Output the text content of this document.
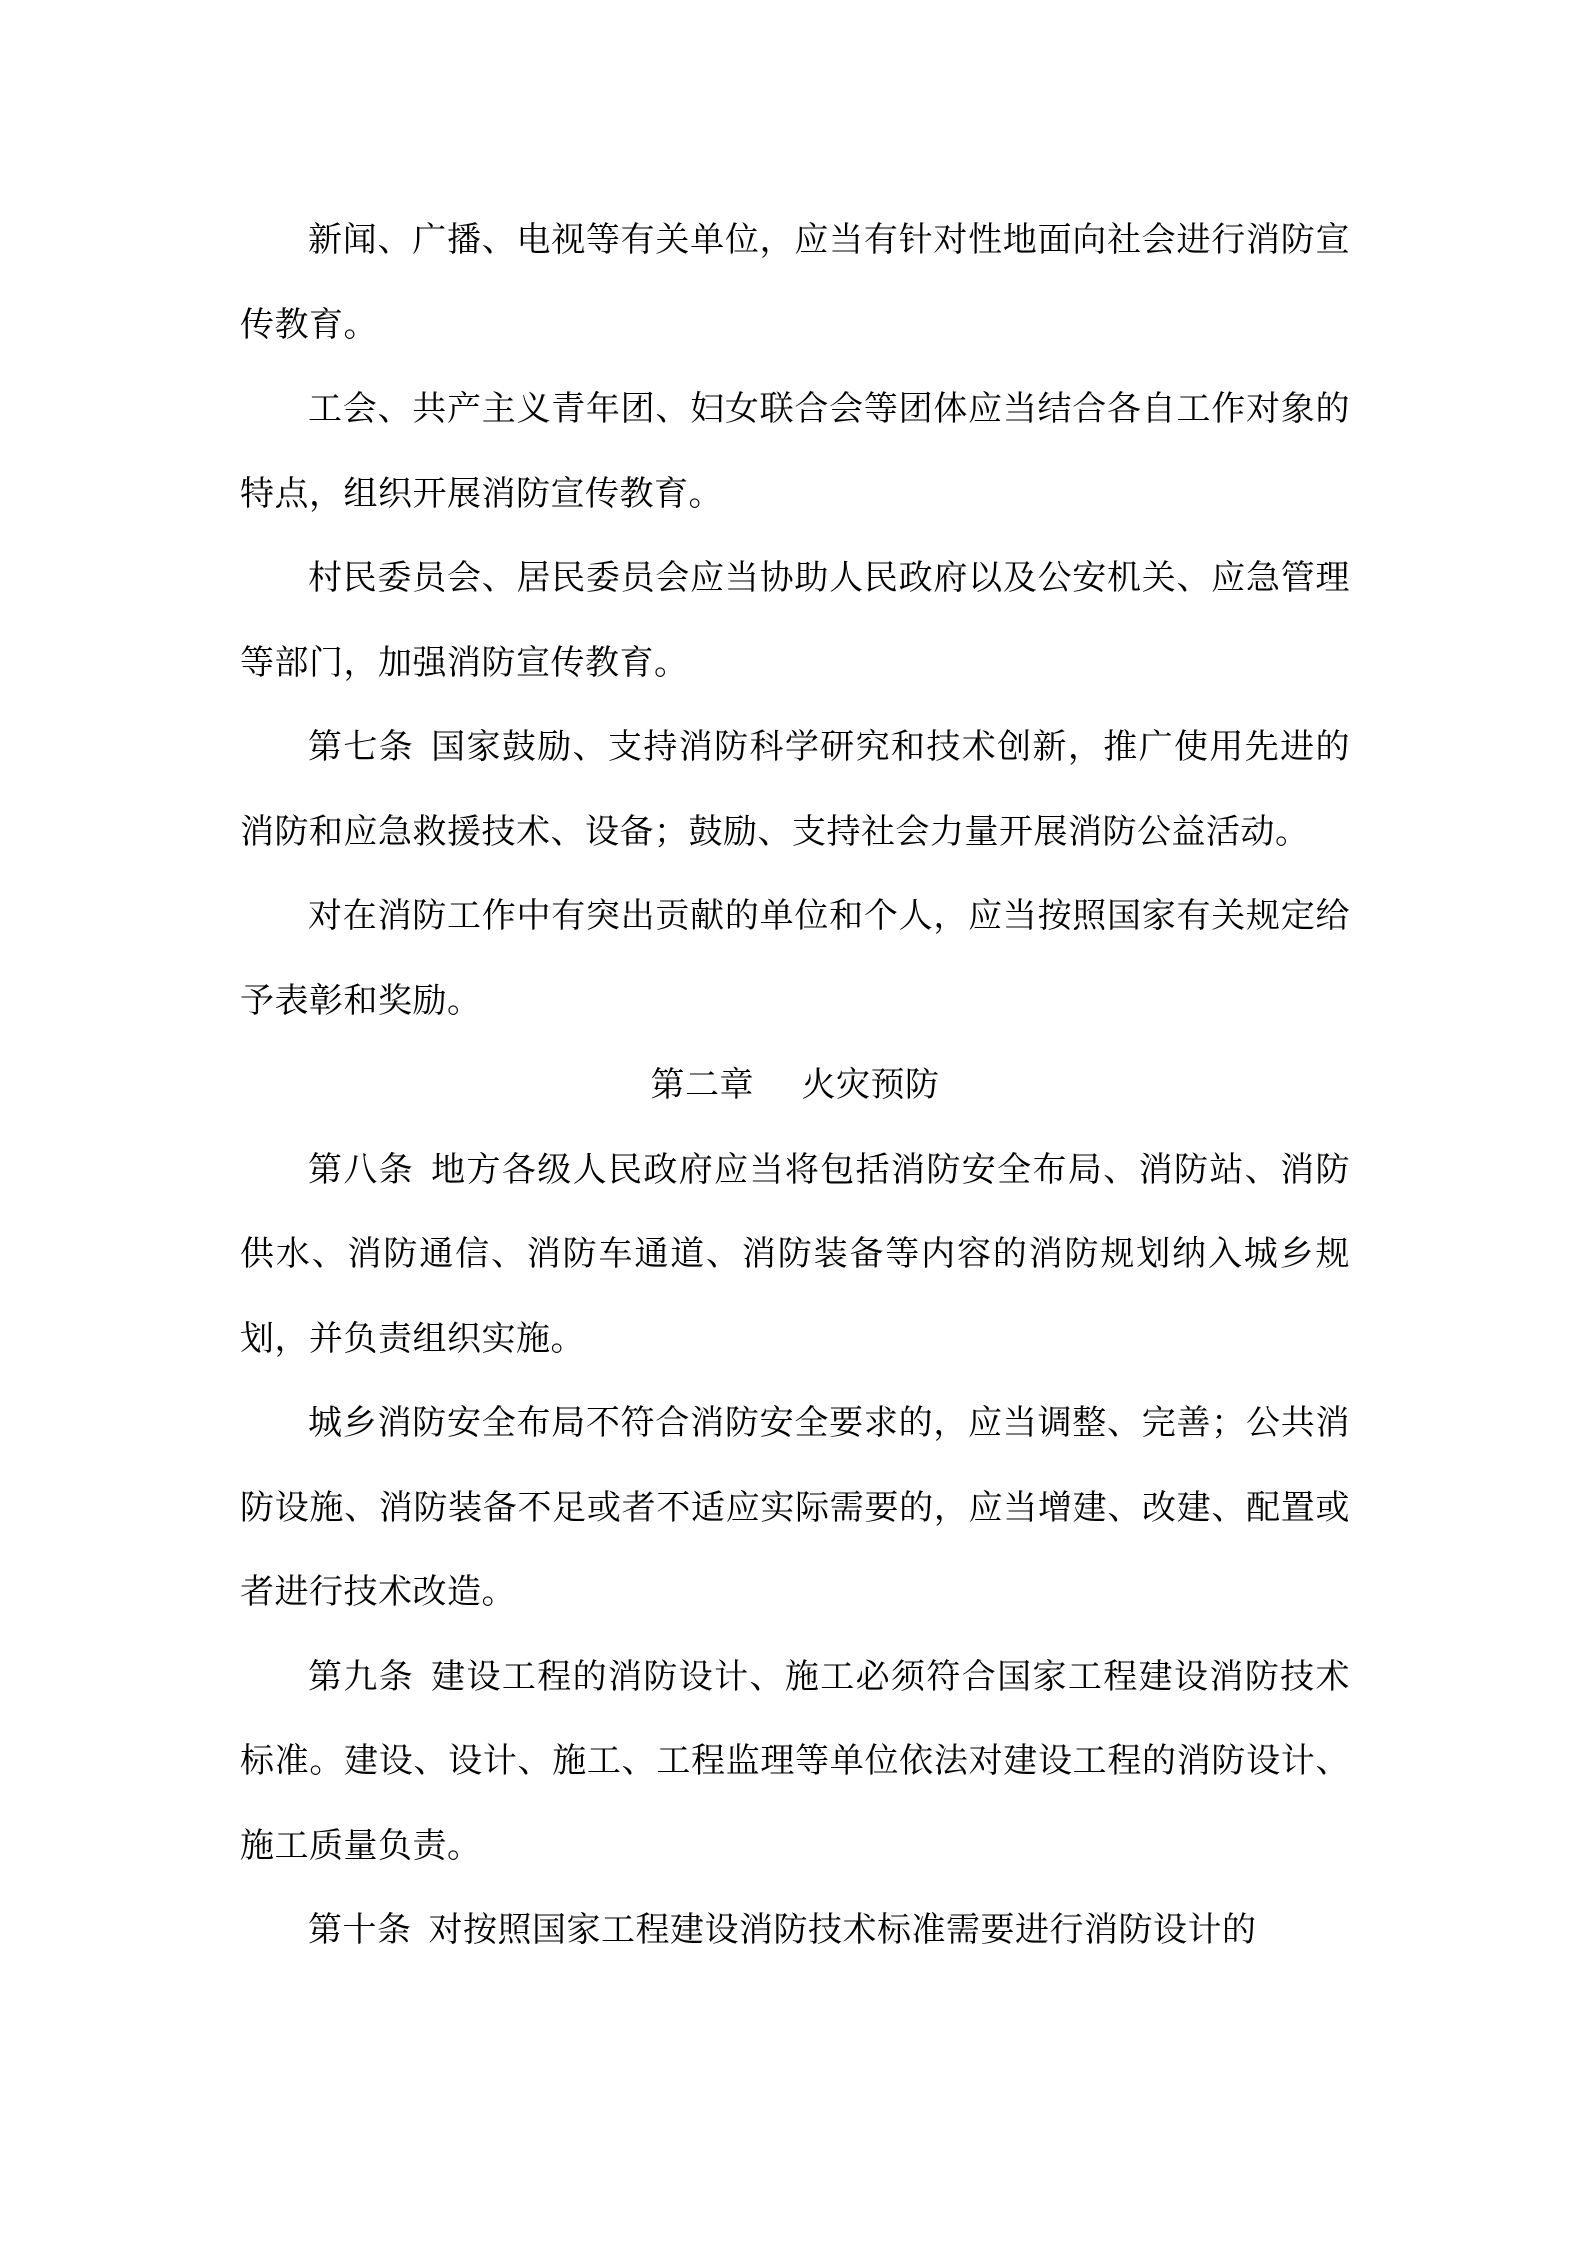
新闻、广播、电视等有关单位，应当有针对性地面向社会进行消防宣传教育。

工会、共产主义青年团、妇女联合会等团体应当结合各自工作对象的特点，组织开展消防宣传教育。

村民委员会、居民委员会应当协助人民政府以及公安机关、应急管理等部门，加强消防宣传教育。

第七条 国家鼓励、支持消防科学研究和技术创新，推广使用先进的消防和应急救援技术、设备；鼓励、支持社会力量开展消防公益活动。

对在消防工作中有突出贡献的单位和个人，应当按照国家有关规定给予表彰和奖励。

第二章 火灾预防

第八条 地方各级人民政府应当将包括消防安全布局、消防站、消防供水、消防通信、消防车通道、消防装备等内容的消防规划纳入城乡规划，并负责组织实施。

城乡消防安全布局不符合消防安全要求的，应当调整、完善；公共消防设施、消防装备不足或者不适应实际需要的，应当增建、改建、配置或者进行技术改造。

第九条 建设工程的消防设计、施工必须符合国家工程建设消防技术标准。建设、设计、施工、工程监理等单位依法对建设工程的消防设计、施工质量负责。

第十条 对按照国家工程建设消防技术标准需要进行消防设计的
